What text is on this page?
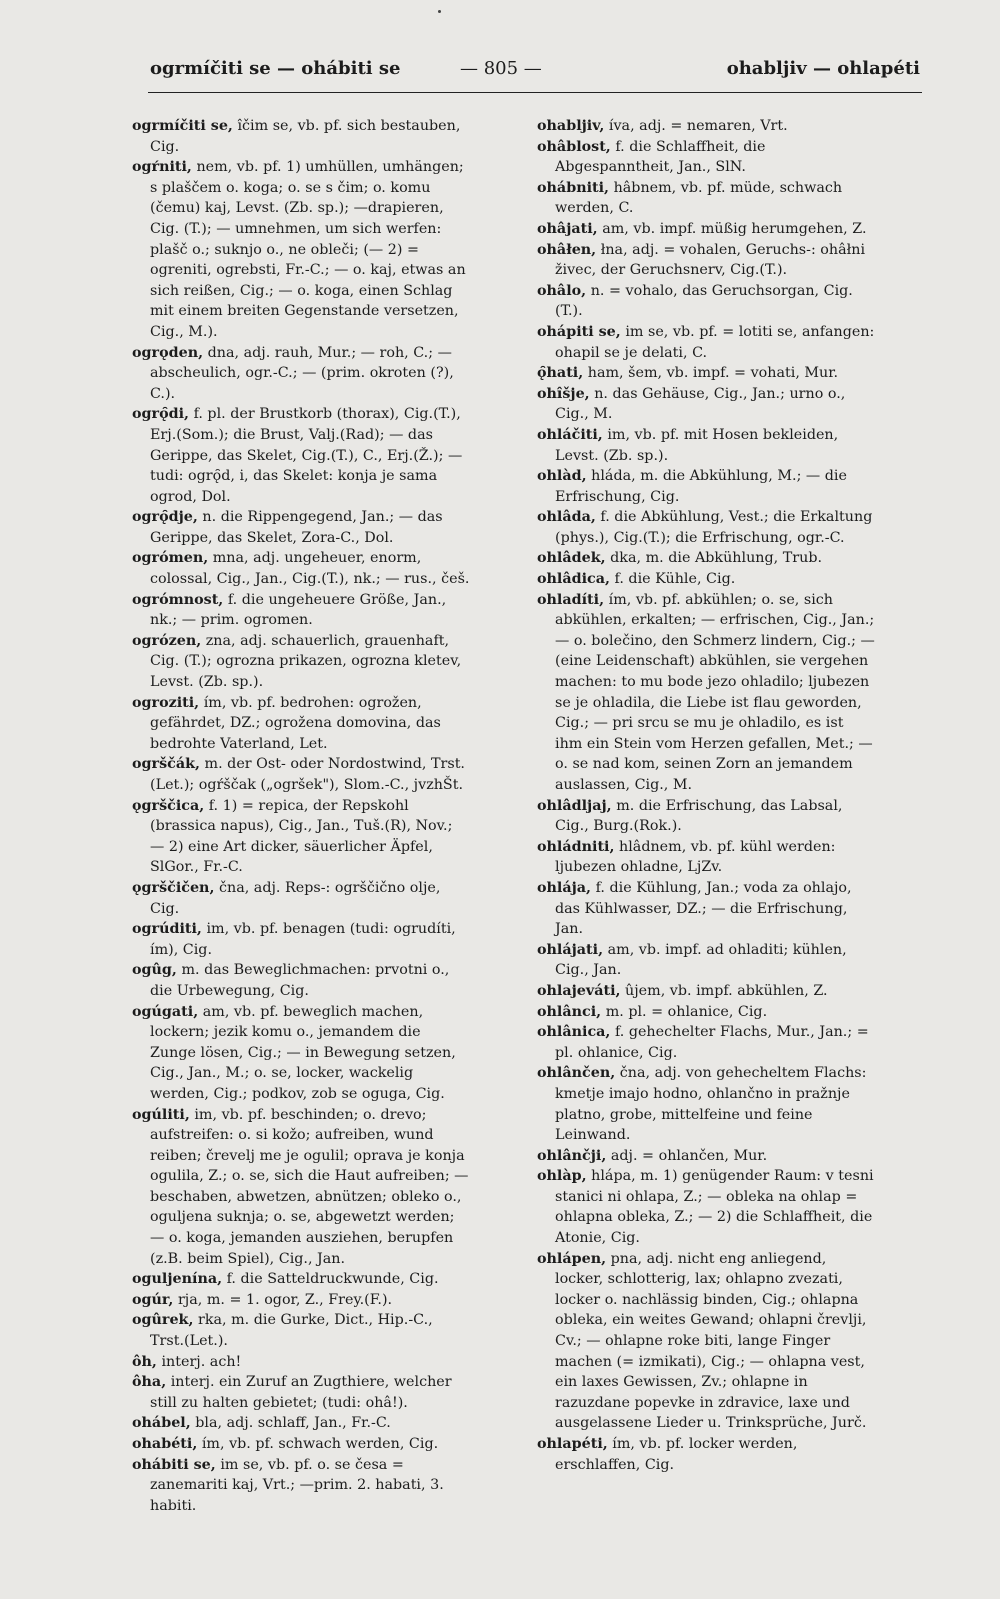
ogrmíčiti se — ohábiti se	— 805 —	ohabljiv — ohlapéti

ogrmíčiti se, îčim se, vb. pf. sich bestauben, Cig.

ogŕniti, nem, vb. pf. 1) umhüllen, umhängen; s plaščem o. koga; o. se s čim; o. komu (čemu) kaj, Levst. (Zb. sp.); —drapieren, Cig. (T.); — umnehmen, um sich werfen: plašč o.; suknjo o., ne obleči; (— 2) = ogreniti, ogrebsti, Fr.-C.; — o. kaj, etwas an sich reißen, Cig.; — o. koga, einen Schlag mit einem breiten Gegenstande versetzen, Cig., M.).

ogrǫden, dna, adj. rauh, Mur.; — roh, C.; — abscheulich, ogr.-C.; — (prim. okroten (?), C.).

ogrǫ̑di, f. pl. der Brustkorb (thorax), Cig.(T.), Erj.(Som.); die Brust, Valj.(Rad); — das Gerippe, das Skelet, Cig.(T.), C., Erj.(Ž.); — tudi: ogrǫ̑d, i, das Skelet: konja je sama ogrod, Dol.

ogrǫ̑dje, n. die Rippengegend, Jan.; — das Gerippe, das Skelet, Zora-C., Dol.

ogrómen, mna, adj. ungeheuer, enorm, colossal, Cig., Jan., Cig.(T.), nk.; — rus., češ.

ogrómnost, f. die ungeheuere Größe, Jan., nk.; — prim. ogromen.

ogrózen, zna, adj. schauerlich, grauenhaft, Cig. (T.); ogrozna prikazen, ogrozna kletev, Levst. (Zb. sp.).

ogroziti, ím, vb. pf. bedrohen: ogrožen, gefährdet, DZ.; ogrožena domovina, das bedrohte Vaterland, Let.

ogrščák, m. der Ost- oder Nordostwind, Trst. (Let.); ogŕščak („ogršek"), Slom.-C., jvzhŠt.

ǫgrščica, f. 1) = repica, der Repskohl (brassica napus), Cig., Jan., Tuš.(R), Nov.; — 2) eine Art dicker, säuerlicher Äpfel, SlGor., Fr.-C.

ǫgrščičen, čna, adj. Reps-: ogrščično olje, Cig.

ogrúditi, im, vb. pf. benagen (tudi: ogrudíti, ím), Cig.

ogûg, m. das Beweglichmachen: prvotni o., die Urbewegung, Cig.

ogúgati, am, vb. pf. beweglich machen, lockern; jezik komu o., jemandem die Zunge lösen, Cig.; — in Bewegung setzen, Cig., Jan., M.; o. se, locker, wackelig werden, Cig.; podkov, zob se oguga, Cig.

ogúliti, im, vb. pf. beschinden; o. drevo; aufstreifen: o. si kožo; aufreiben, wund reiben; črevelj me je ogulil; oprava je konja ogulila, Z.; o. se, sich die Haut aufreiben; — beschaben, abwetzen, abnützen; obleko o., oguljena suknja; o. se, abgewetzt werden; — o. koga, jemanden ausziehen, berupfen (z.B. beim Spiel), Cig., Jan.

oguljenína, f. die Satteldruckwunde, Cig.

ogúr, rja, m. = 1. ogor, Z., Frey.(F.).

ogûrek, rka, m. die Gurke, Dict., Hip.-C., Trst.(Let.).

ôh, interj. ach!

ôha, interj. ein Zuruf an Zugthiere, welcher still zu halten gebietet; (tudi: ohâ!).

ohábel, bla, adj. schlaff, Jan., Fr.-C.

ohabéti, ím, vb. pf. schwach werden, Cig.

ohábiti se, im se, vb. pf. o. se česa = zanemariti kaj, Vrt.; —prim. 2. habati, 3. habiti.

ohabljiv, íva, adj. = nemaren, Vrt.

ohâblost, f. die Schlaffheit, die Abgespanntheit, Jan., SlN.

ohábniti, hâbnem, vb. pf. müde, schwach werden, C.

ohâjati, am, vb. impf. müßig herumgehen, Z.

ohâłen, łna, adj. = vohalen, Geruchs-: ohâłni živec, der Geruchsnerv, Cig.(T.).

ohâlo, n. = vohalo, das Geruchsorgan, Cig. (T.).

ohápiti se, im se, vb. pf. = lotiti se, anfangen: ohapil se je delati, C.

ǫ̑hati, ham, šem, vb. impf. = vohati, Mur.

ohîšje, n. das Gehäuse, Cig., Jan.; urno o., Cig., M.

ohláčiti, im, vb. pf. mit Hosen bekleiden, Levst. (Zb. sp.).

ohlàd, hláda, m. die Abkühlung, M.; — die Erfrischung, Cig.

ohlâda, f. die Abkühlung, Vest.; die Erkaltung (phys.), Cig.(T.); die Erfrischung, ogr.-C.

ohlâdek, dka, m. die Abkühlung, Trub.

ohlâdica, f. die Kühle, Cig.

ohladíti, ím, vb. pf. abkühlen; o. se, sich abkühlen, erkalten; — erfrischen, Cig., Jan.; — o. bolečino, den Schmerz lindern, Cig.; — (eine Leidenschaft) abkühlen, sie vergehen machen: to mu bode jezo ohladilo; ljubezen se je ohladila, die Liebe ist flau geworden, Cig.; — pri srcu se mu je ohladilo, es ist ihm ein Stein vom Herzen gefallen, Met.; — o. se nad kom, seinen Zorn an jemandem auslassen, Cig., M.

ohlâdljaj, m. die Erfrischung, das Labsal, Cig., Burg.(Rok.).

ohládniti, hlâdnem, vb. pf. kühl werden: ljubezen ohladne, LjZv.

ohlája, f. die Kühlung, Jan.; voda za ohlajo, das Kühlwasser, DZ.; — die Erfrischung, Jan.

ohlájati, am, vb. impf. ad ohladiti; kühlen, Cig., Jan.

ohlajeváti, ûjem, vb. impf. abkühlen, Z.

ohlânci, m. pl. = ohlanice, Cig.

ohlânica, f. gehechelter Flachs, Mur., Jan.; = pl. ohlanice, Cig.

ohlânčen, čna, adj. von gehecheltem Flachs: kmetje imajo hodno, ohlančno in pražnje platno, grobe, mittelfeine und feine Leinwand.

ohlânčji, adj. = ohlančen, Mur.

ohlàp, hlápa, m. 1) genügender Raum: v tesni stanici ni ohlapa, Z.; — obleka na ohlap = ohlapna obleka, Z.; — 2) die Schlaffheit, die Atonie, Cig.

ohlápen, pna, adj. nicht eng anliegend, locker, schlotterig, lax; ohlapno zvezati, locker o. nachlässig binden, Cig.; ohlapna obleka, ein weites Gewand; ohlapni črevlji, Cv.; — ohlapne roke biti, lange Finger machen (= izmikati), Cig.; — ohlapna vest, ein laxes Gewissen, Zv.; ohlapne in razuzdane popevke in zdravice, laxe und ausgelassene Lieder u. Trinksprüche, Jurč.

ohlapéti, ím, vb. pf. locker werden, erschlaffen, Cig.
